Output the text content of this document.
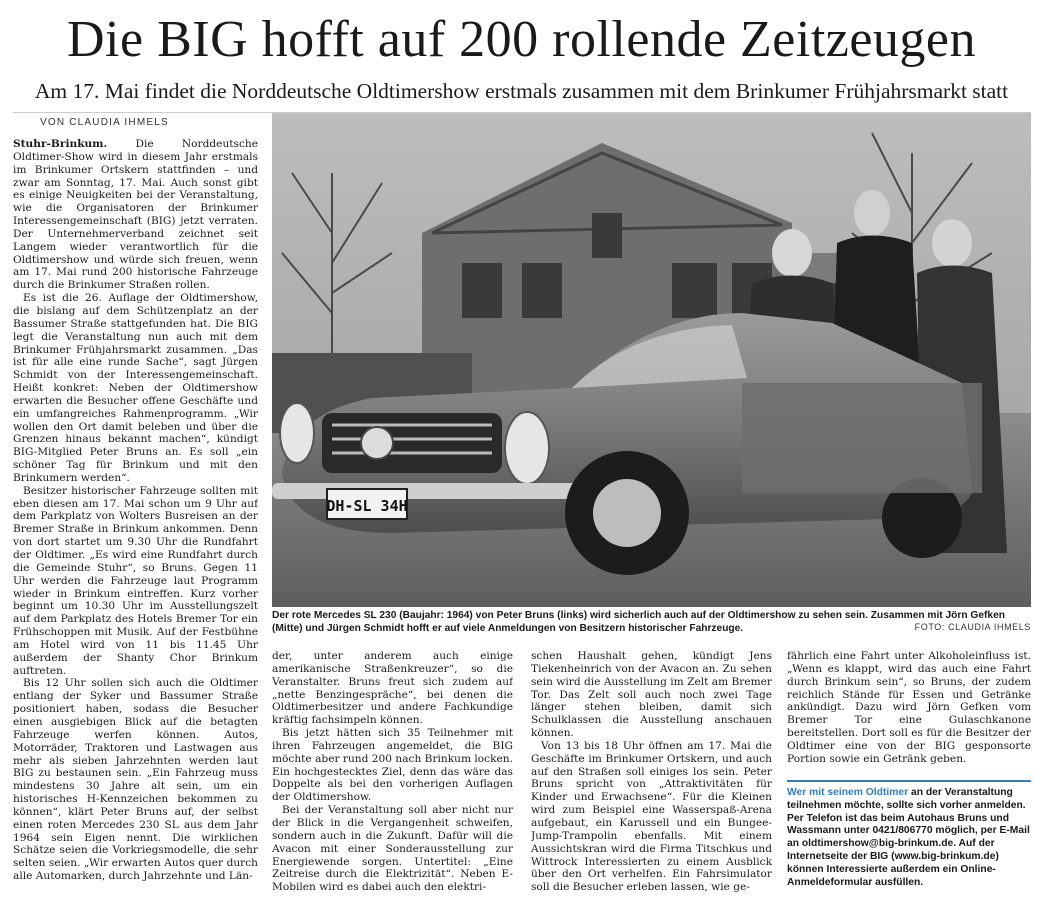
Die BIG hofft auf 200 rollende Zeitzeugen
Am 17. Mai findet die Norddeutsche Oldtimershow erstmals zusammen mit dem Brinkumer Frühjahrsmarkt statt
VON CLAUDIA IHMELS

Stuhr-Brinkum. Die Norddeutsche Oldtimer-Show wird in diesem Jahr erstmals im Brinkumer Ortskern stattfinden – und zwar am Sonntag, 17. Mai. Auch sonst gibt es einige Neuigkeiten bei der Veranstaltung, wie die Organisatoren der Brinkumer Interessengemeinschaft (BIG) jetzt verraten. Der Unternehmerverband zeichnet seit Langem wieder verantwortlich für die Oldtimershow und würde sich freuen, wenn am 17. Mai rund 200 historische Fahrzeuge durch die Brinkumer Straßen rollen.

Es ist die 26. Auflage der Oldtimershow, die bislang auf dem Schützenplatz an der Bassumer Straße stattgefunden hat. Die BIG legt die Veranstaltung nun auch mit dem Brinkumer Frühjahrsmarkt zusammen. „Das ist für alle eine runde Sache“, sagt Jürgen Schmidt von der Interessengemeinschaft. Heißt konkret: Neben der Oldtimershow erwarten die Besucher offene Geschäfte und ein umfangreiches Rahmenprogramm. „Wir wollen den Ort damit beleben und über die Grenzen hinaus bekannt machen“, kündigt BIG-Mitglied Peter Bruns an. Es soll „ein schöner Tag für Brinkum und mit den Brinkumern werden“.

Besitzer historischer Fahrzeuge sollten mit eben diesen am 17. Mai schon um 9 Uhr auf dem Parkplatz von Wolters Busreisen an der Bremer Straße in Brinkum ankommen. Denn von dort startet um 9.30 Uhr die Rundfahrt der Oldtimer. „Es wird eine Rundfahrt durch die Gemeinde Stuhr“, so Bruns. Gegen 11 Uhr werden die Fahrzeuge laut Programm wieder in Brinkum eintreffen. Kurz vorher beginnt um 10.30 Uhr im Ausstellungszelt auf dem Parkplatz des Hotels Bremer Tor ein Frühschoppen mit Musik. Auf der Festbühne am Hotel wird von 11 bis 11.45 Uhr außerdem der Shanty Chor Brinkum auftreten.

Bis 12 Uhr sollen sich auch die Oldtimer entlang der Syker und Bassumer Straße positioniert haben, sodass die Besucher einen ausgiebigen Blick auf die betagten Fahrzeuge werfen können. Autos, Motorräder, Traktoren und Lastwagen aus mehr als sieben Jahrzehnten werden laut BIG zu bestaunen sein. „Ein Fahrzeug muss mindestens 30 Jahre alt sein, um ein historisches H-Kennzeichen bekommen zu können“, klärt Peter Bruns auf, der selbst einen roten Mercedes 230 SL aus dem Jahr 1964 sein Eigen nennt. Die wirklichen Schätze seien die Vorkriegsmodelle, die sehr selten seien. „Wir erwarten Autos quer durch alle Automarken, durch Jahrzehnte und Län-

DH-SL 34H

Der rote Mercedes SL 230 (Baujahr: 1964) von Peter Bruns (links) wird sicherlich auch auf der Oldtimershow zu sehen sein. Zusammen mit Jörn Gefken (Mitte) und Jürgen Schmidt hofft er auf viele Anmeldungen von Besitzern historischer Fahrzeuge.	FOTO: CLAUDIA IHMELS

der, unter anderem auch einige amerikanische Straßenkreuzer“, so die Veranstalter. Bruns freut sich zudem auf „nette Benzingespräche“, bei denen die Oldtimerbesitzer und andere Fachkundige kräftig fachsimpeln können.

Bis jetzt hätten sich 35 Teilnehmer mit ihren Fahrzeugen angemeldet, die BIG möchte aber rund 200 nach Brinkum locken. Ein hochgestecktes Ziel, denn das wäre das Doppelte als bei den vorherigen Auflagen der Oldtimershow.

Bei der Veranstaltung soll aber nicht nur der Blick in die Vergangenheit schweifen, sondern auch in die Zukunft. Dafür will die Avacon mit einer Sonderausstellung zur Energiewende sorgen. Untertitel: „Eine Zeitreise durch die Elektrizität“. Neben E-Mobilen wird es dabei auch den elektri-

schen Haushalt gehen, kündigt Jens Tiekenheinrich von der Avacon an. Zu sehen sein wird die Ausstellung im Zelt am Bremer Tor. Das Zelt soll auch noch zwei Tage länger stehen bleiben, damit sich Schulklassen die Ausstellung anschauen können.

Von 13 bis 18 Uhr öffnen am 17. Mai die Geschäfte im Brinkumer Ortskern, und auch auf den Straßen soll einiges los sein. Peter Bruns spricht von „Attraktivitäten für Kinder und Erwachsene“. Für die Kleinen wird zum Beispiel eine Wasserspaß-Arena aufgebaut, ein Karussell und ein Bungee-Jump-Trampolin ebenfalls. Mit einem Aussichtskran wird die Firma Titschkus und Wittrock Interessierten zu einem Ausblick über den Ort verhelfen. Ein Fahrsimulator soll die Besucher erleben lassen, wie ge-

fährlich eine Fahrt unter Alkoholeinfluss ist. „Wenn es klappt, wird das auch eine Fahrt durch Brinkum sein“, so Bruns, der zudem reichlich Stände für Essen und Getränke ankündigt. Dazu wird Jörn Gefken vom Bremer Tor eine Gulaschkanone bereitstellen. Dort soll es für die Besitzer der Oldtimer eine von der BIG gesponsorte Portion sowie ein Getränk geben.

Wer mit seinem Oldtimer an der Veranstaltung teilnehmen möchte, sollte sich vorher anmelden. Per Telefon ist das beim Autohaus Bruns und Wassmann unter 0421/806770 möglich, per E-Mail an oldtimershow@big-brinkum.de. Auf der Internetseite der BIG (www.big-brinkum.de) können Interessierte außerdem ein Online-Anmeldeformular ausfüllen.
